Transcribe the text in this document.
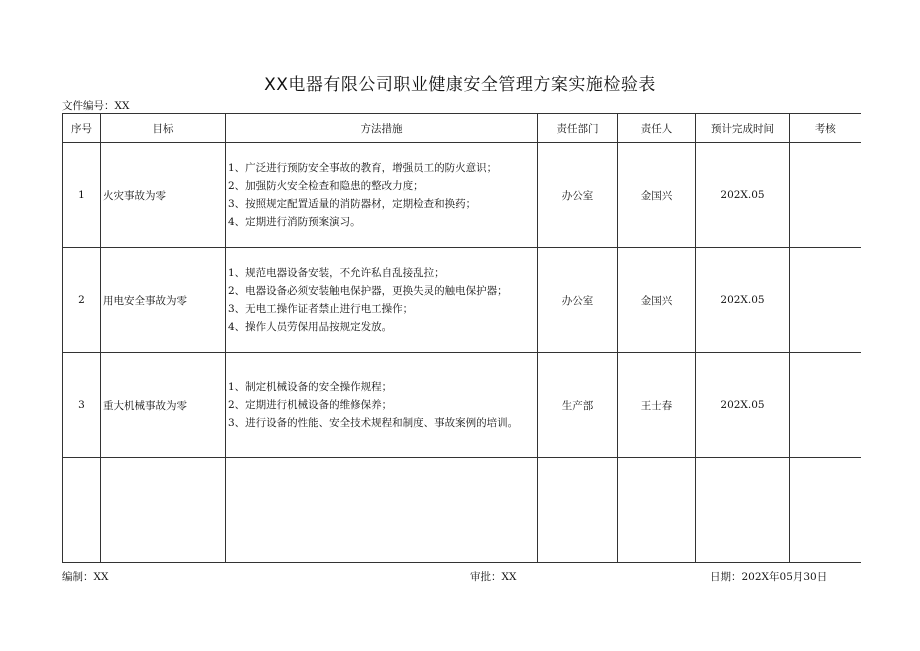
XX电器有限公司职业健康安全管理方案实施检验表
文件编号：XX
序号	目标	方法措施	责任部门	责任人	预计完成时间	考核
1	火灾事故为零	1、广泛进行预防安全事故的教育，增强员工的防火意识；
2、加强防火安全检查和隐患的整改力度；
3、按照规定配置适量的消防器材，定期检查和换药；
4、定期进行消防预案演习。	办公室	金国兴	202X.05	
2	用电安全事故为零	1、规范电器设备安装，不允许私自乱接乱拉；
2、电器设备必须安装触电保护器，更换失灵的触电保护器；
3、无电工操作证者禁止进行电工操作；
4、操作人员劳保用品按规定发放。	办公室	金国兴	202X.05	
3	重大机械事故为零	1、制定机械设备的安全操作规程；
2、定期进行机械设备的维修保养；
3、进行设备的性能、安全技术规程和制度、事故案例的培训。	生产部	王士春	202X.05	

编制：XX	审批：XX	日期：202X年05月30日
